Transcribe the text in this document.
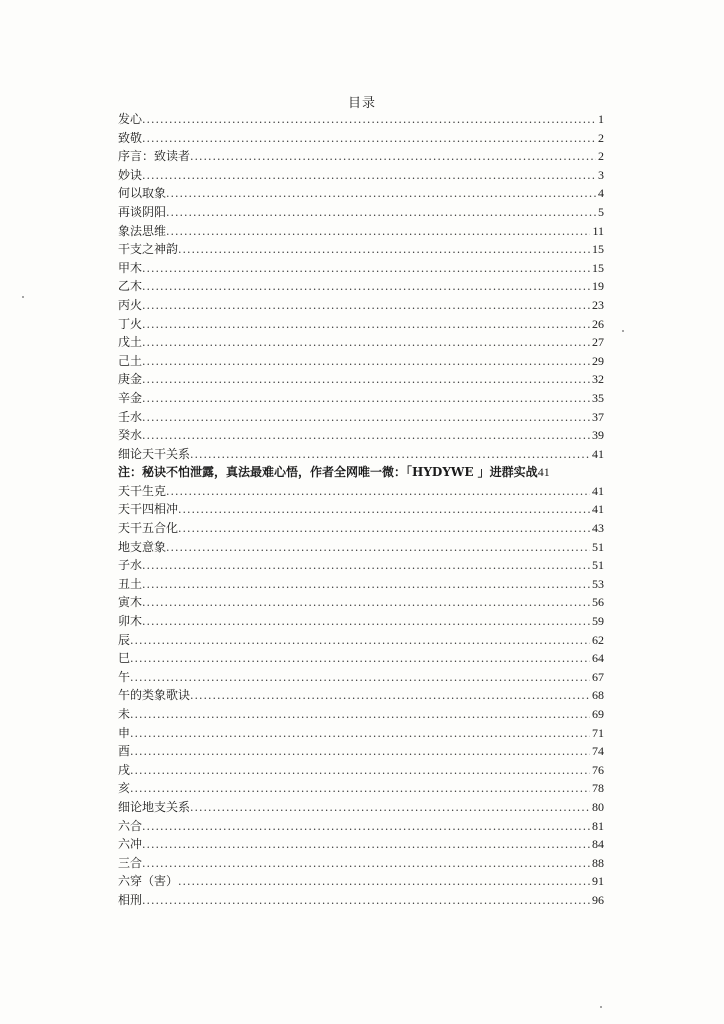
目录
发心 .....	1
致敬 .....	2
序言：致读者 .....	2
妙诀 .....	3
何以取象 .....	4
再谈阴阳 .....	5
象法思维 .....	11
干支之神韵 .....	15
甲木 .....	15
乙木 .....	19
丙火 .....	23
丁火 .....	26
戊土 .....	27
己土 .....	29
庚金 .....	32
辛金 .....	35
壬水 .....	37
癸水 .....	39
细论天干关系 .....	41
注：秘诀不怕泄露，真法最难心悟，作者全网唯一微：「HYDYWE 」进群实战 41
天干生克 .....	41
天干四相冲 .....	41
天干五合化 .....	43
地支意象 .....	51
子水 .....	51
丑土 .....	53
寅木 .....	56
卯木 .....	59
辰 .....	62
巳 .....	64
午 .....	67
午的类象歌诀 .....	68
未 .....	69
申 .....	71
酉 .....	74
戌 .....	76
亥 .....	78
细论地支关系 .....	80
六合 .....	81
六冲 .....	84
三合 .....	88
六穿（害） .....	91
相刑 .....	96
